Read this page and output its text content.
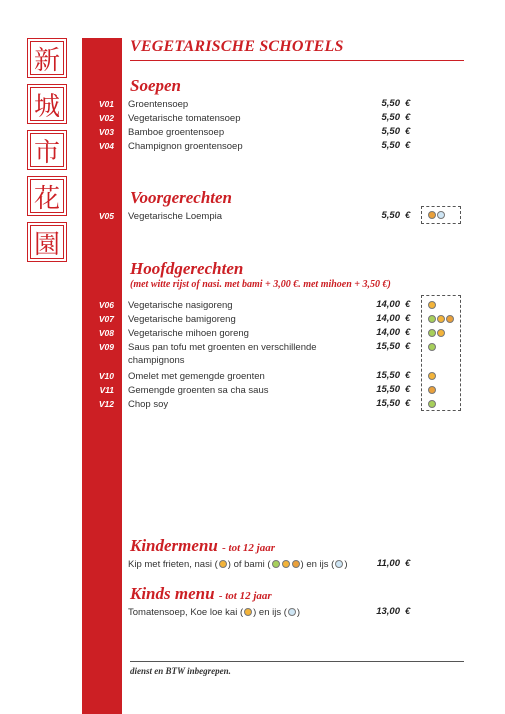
新
城
市
花
園
VEGETARISCHE SCHOTELS
Soepen
V01 Groentensoep	5,50 €
V02 Vegetarische tomatensoep	5,50 €
V03 Bamboe groentensoep	5,50 €
V04 Champignon groentensoep	5,50 €
Voorgerechten
V05 Vegetarische Loempia	5,50 €
Hoofdgerechten
(met witte rijst of nasi. met bami + 3,00 €. met mihoen + 3,50 €)
V06 Vegetarische nasigoreng	14,00 €
V07 Vegetarische bamigoreng	14,00 €
V08 Vegetarische mihoen goreng	14,00 €
V09 Saus pan tofu met groenten en verschillende champignons
15,50 €
V10 Omelet met gemengde groenten	15,50 €
V11 Gemengde groenten sa cha saus	15,50 €
V12 Chop soy	15,50 €
Kindermenu - tot 12 jaar
Kip met frieten, nasi ( ) of bami (	) en ijs ( )	11,00 €
Kinds menu - tot 12 jaar
Tomatensoep, Koe loe kai ( ) en ijs ( )	13,00 €
dienst en BTW inbegrepen.
